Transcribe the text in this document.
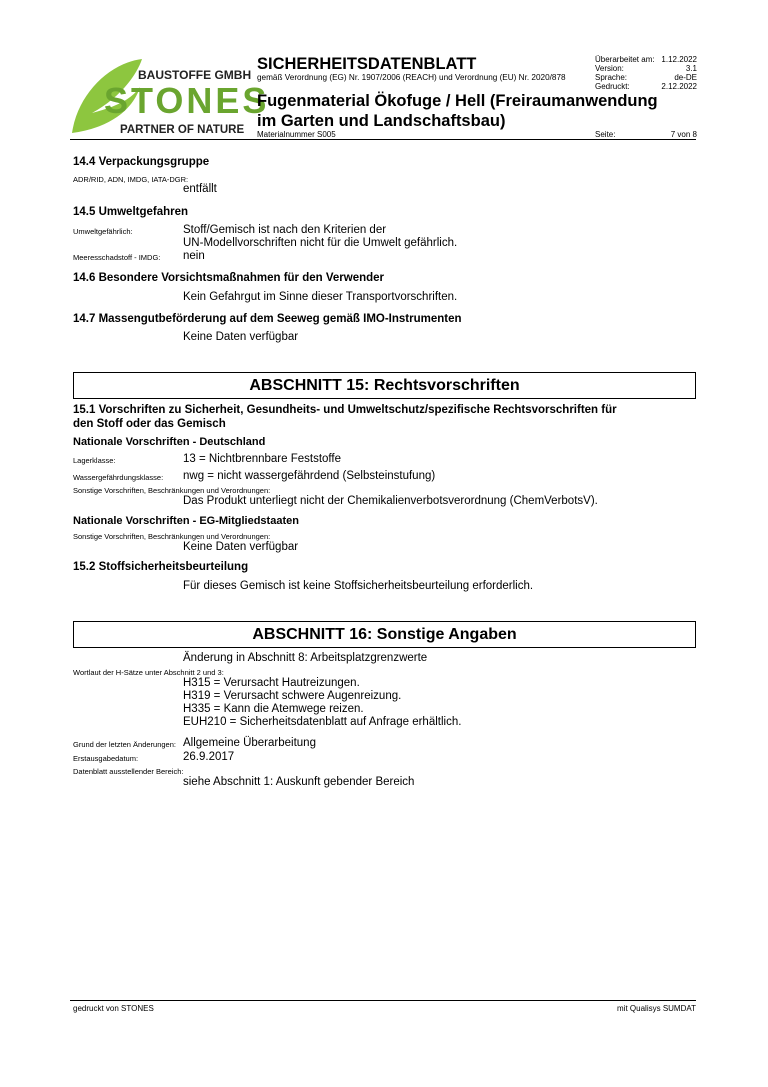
BAUSTOFFE GMBH
STONES
PARTNER OF NATURE
SICHERHEITSDATENBLATT
gemäß Verordnung (EG) Nr. 1907/2006 (REACH) und Verordnung (EU) Nr. 2020/878
Fugenmaterial Ökofuge / Hell (Freiraumanwendung
im Garten und Landschaftsbau)
Materialnummer S005
Überarbeitet am: 1.12.2022
Version:	3.1
Sprache:	de-DE
Gedruckt:	2.12.2022
Seite:	7 von 8
14.4 Verpackungsgruppe
ADR/RID, ADN, IMDG, IATA-DGR:
entfällt
14.5 Umweltgefahren
Umweltgefährlich:	Stoff/Gemisch ist nach den Kriterien der
UN-Modellvorschriften nicht für die Umwelt gefährlich.
Meeresschadstoff - IMDG: nein
14.6 Besondere Vorsichtsmaßnahmen für den Verwender
Kein Gefahrgut im Sinne dieser Transportvorschriften.
14.7 Massengutbeförderung auf dem Seeweg gemäß IMO-Instrumenten
Keine Daten verfügbar
ABSCHNITT 15: Rechtsvorschriften
15.1 Vorschriften zu Sicherheit, Gesundheits- und Umweltschutz/spezifische Rechtsvorschriften für
den Stoff oder das Gemisch
Nationale Vorschriften - Deutschland
Lagerklasse:	13 = Nichtbrennbare Feststoffe
Wassergefährdungsklasse: nwg = nicht wassergefährdend (Selbsteinstufung)
Sonstige Vorschriften, Beschränkungen und Verordnungen:
Das Produkt unterliegt nicht der Chemikalienverbotsverordnung (ChemVerbotsV).
Nationale Vorschriften - EG-Mitgliedstaaten
Sonstige Vorschriften, Beschränkungen und Verordnungen:
Keine Daten verfügbar
15.2 Stoffsicherheitsbeurteilung
Für dieses Gemisch ist keine Stoffsicherheitsbeurteilung erforderlich.
ABSCHNITT 16: Sonstige Angaben
Änderung in Abschnitt 8: Arbeitsplatzgrenzwerte
Wortlaut der H-Sätze unter Abschnitt 2 und 3:
H315 = Verursacht Hautreizungen.
H319 = Verursacht schwere Augenreizung.
H335 = Kann die Atemwege reizen.
EUH210 = Sicherheitsdatenblatt auf Anfrage erhältlich.
Grund der letzten Änderungen: Allgemeine Überarbeitung
Erstausgabedatum:	26.9.2017
Datenblatt ausstellender Bereich:
siehe Abschnitt 1: Auskunft gebender Bereich
gedruckt von STONES	mit Qualisys SUMDAT
